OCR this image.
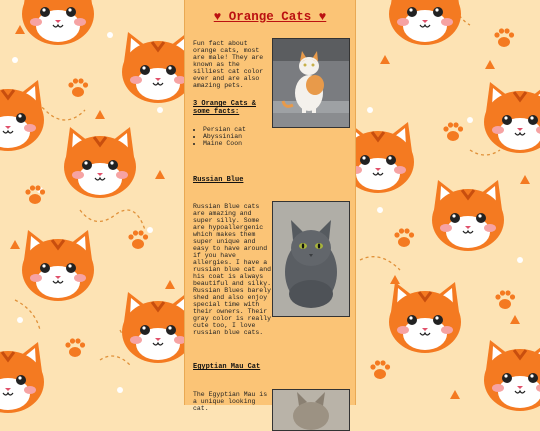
♥ Orange Cats ♥

Fun fact about orange cats, most are male! They are known as the silliest cat color ever and are also amazing pets.

3 Orange Cats & some facts:
• Persian cat
• Abyssinian
• Maine Coon
Russian Blue

Russian Blue cats are amazing and super silly. Some are hypoallergenic which makes them super unique and easy to have around if you have allergies. I have a russian blue cat and his coat is always beautiful and silky. Russian Blues barely shed and also enjoy special time with their owners. Their gray color is really cute too, I love russian blue cats.

Egyptian Mau Cat

The Egyptian Mau is a unique looking cat.
